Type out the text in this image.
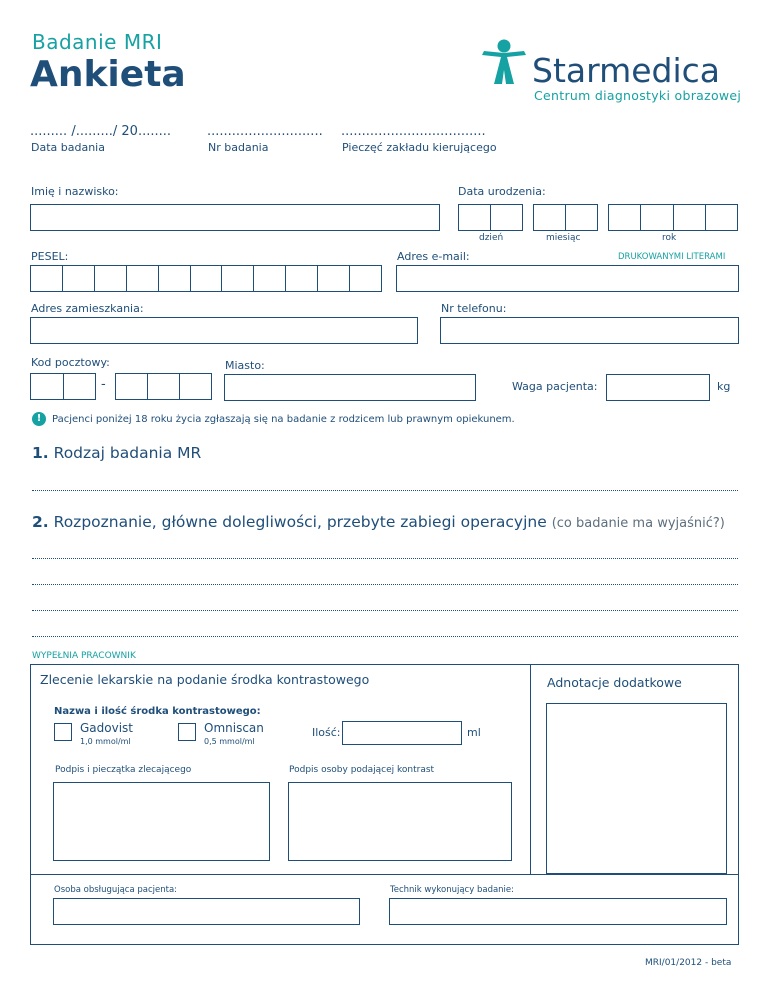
Badanie MRI
Ankieta	Starmedica
Centrum diagnostyki obrazowej
......... /........./ 20........
Data badania
............................
Nr badania
...................................
Pieczęć zakładu kierującego
Imię i nazwisko:	Data urodzenia:
dzień	miesiąc	rok
PESEL:	Adres e-mail:	DRUKOWANYMI LITERAMI
Adres zamieszkania:	Nr telefonu:
Kod pocztowy:
-
Miasto:
Waga pacjenta:	kg
!	Pacjenci poniżej 18 roku życia zgłaszają się na badanie z rodzicem lub prawnym opiekunem.
1. Rodzaj badania MR
2. Rozpoznanie, główne dolegliwości, przebyte zabiegi operacyjne (co badanie ma wyjaśnić?)
WYPEŁNIA PRACOWNIK
Zlecenie lekarskie na podanie środka kontrastowego	Adnotacje dodatkowe
Nazwa i ilość środka kontrastowego:
Gadovist
1,0 mmol/ml
Omniscan
0,5 mmol/ml
Ilość:	ml
Podpis i pieczątka zlecającego	Podpis osoby podającej kontrast
Osoba obsługująca pacjenta:	Technik wykonujący badanie:
MRI/01/2012 - beta
